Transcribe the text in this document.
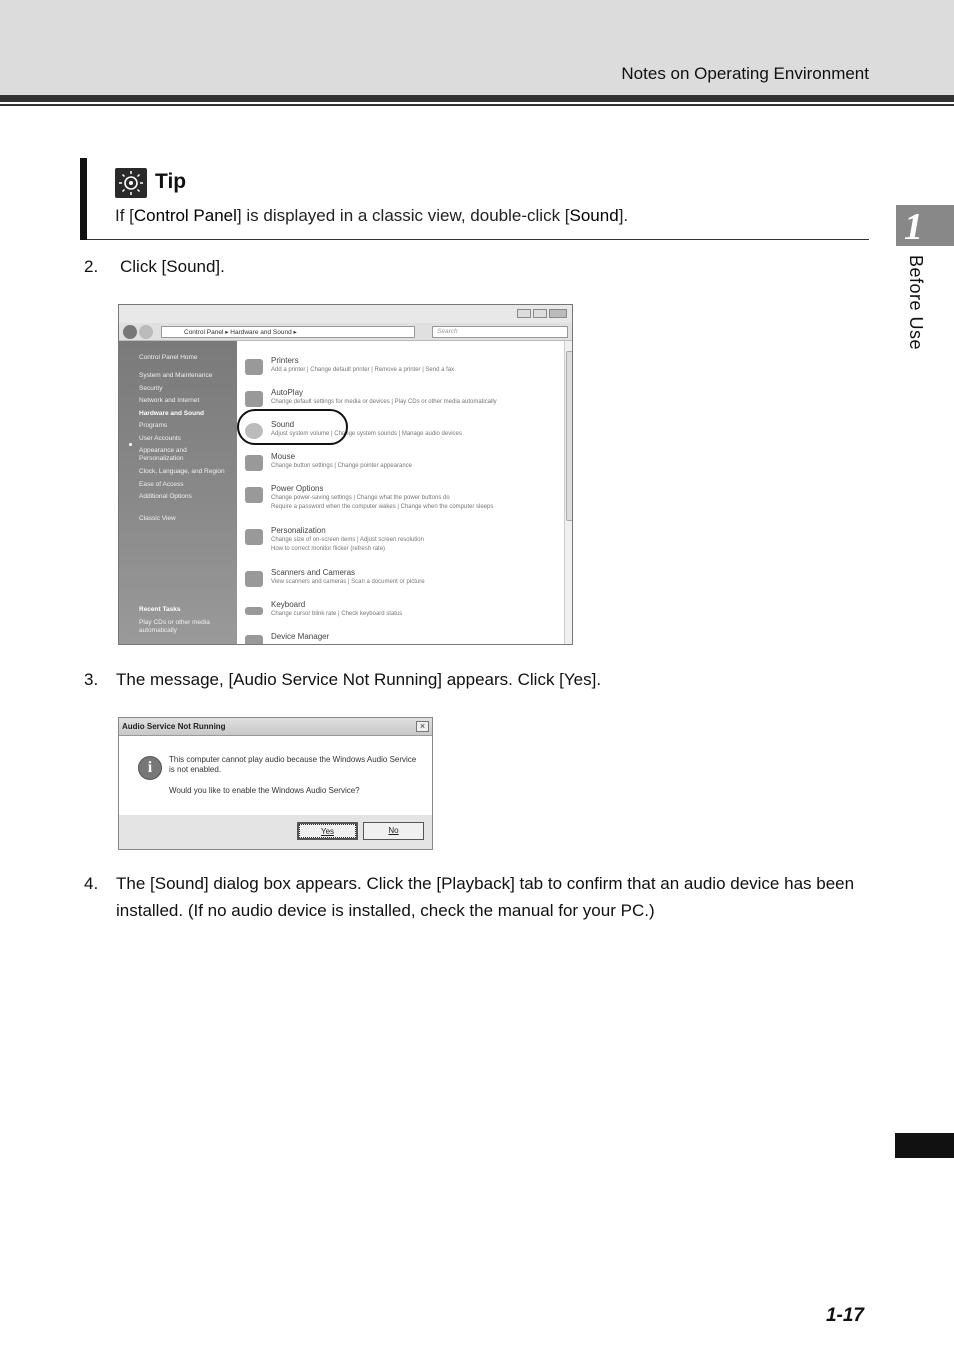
Notes on Operating Environment
1
Before Use
Tip
If [Control Panel] is displayed in a classic view, double-click [Sound].
2. Click [Sound].
Control Panel ▸ Hardware and Sound ▸	Search
Control Panel Home
System and Maintenance
Security
Network and Internet
Hardware and Sound
Programs
User Accounts
Appearance and Personalization
Clock, Language, and Region
Ease of Access
Additional Options
Classic View
Recent Tasks
Play CDs or other media automatically
Printers
Add a printer | Change default printer | Remove a printer | Send a fax
AutoPlay
Change default settings for media or devices | Play CDs or other media automatically
Sound
Adjust system volume | Change system sounds | Manage audio devices
Mouse
Change button settings | Change pointer appearance
Power Options
Change power-saving settings | Change what the power buttons do
Require a password when the computer wakes | Change when the computer sleeps
Personalization
Change size of on-screen items | Adjust screen resolution
How to correct monitor flicker (refresh rate)
Scanners and Cameras
View scanners and cameras | Scan a document or picture
Keyboard
Change cursor blink rate | Check keyboard status
Device Manager
3. The message, [Audio Service Not Running] appears. Click [Yes].
Audio Service Not Running	×
i	This computer cannot play audio because the Windows Audio Service is not enabled.
Would you like to enable the Windows Audio Service?
Yes	No
4. The [Sound] dialog box appears. Click the [Playback] tab to confirm that an audio device has been installed. (If no audio device is installed, check the manual for your PC.)
1-17
